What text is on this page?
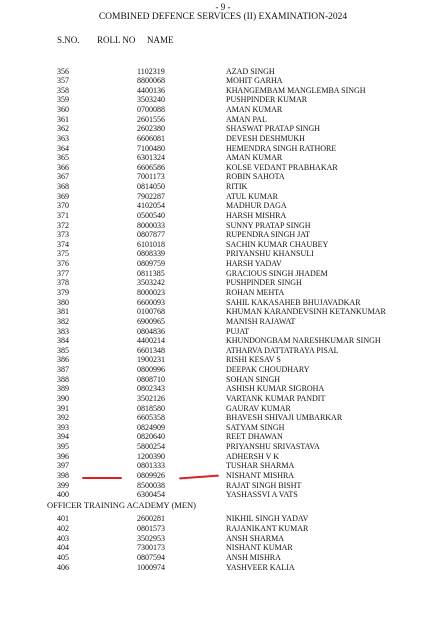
- 9 -
COMBINED DEFENCE SERVICES (II) EXAMINATION-2024
S.NO. ROLL NO NAME
356	1102319	AZAD SINGH
357	8800068	MOHIT GARHA
358	4400136	KHANGEMBAM MANGLEMBA SINGH
359	3503240	PUSHPINDER KUMAR
360	0700088	AMAN KUMAR
361	2601556	AMAN PAL
362	2602380	SHASWAT PRATAP SINGH
363	6606081	DEVESH DESHMUKH
364	7100480	HEMENDRA SINGH RATHORE
365	6301324	AMAN KUMAR
366	6606586	KOLSE VEDANT PRABHAKAR
367	7001173	ROBIN SAHOTA
368	0814050	RITIK
369	7902287	ATUL KUMAR
370	4102054	MADHUR DAGA
371	0500540	HARSH MISHRA
372	8000033	SUNNY PRATAP SINGH
373	0807877	RUPENDRA SINGH JAT
374	6101018	SACHIN KUMAR CHAUBEY
375	0808339	PRIYANSHU KHANSULI
376	0809759	HARSH YADAV
377	0811385	GRACIOUS SINGH JHADEM
378	3503242	PUSHPINDER SINGH
379	8000023	ROHAN MEHTA
380	6600093	SAHIL KAKASAHEB BHUJAVADKAR
381	0100768	KHUMAN KARANDEVSINH KETANKUMAR
382	6900965	MANISH RAJAWAT
383	0804836	PUJAT
384	4400214	KHUNDONGBAM NARESHKUMAR SINGH
385	6601348	ATHARVA DATTATRAYA PISAL
386	1900231	RISHI KESAV S
387	0800996	DEEPAK CHOUDHARY
388	0808710	SOHAN SINGH
389	0802343	ASHISH KUMAR SIGROHA
390	3502126	VARTANK KUMAR PANDIT
391	0818580	GAURAV KUMAR
392	6605358	BHAVESH SHIVAJI UMBARKAR
393	0824909	SATYAM SINGH
394	0820640	REET DHAWAN
395	5800254	PRIYANSHU SRIVASTAVA
396	1200390	ADHERSH V K
397	0801333	TUSHAR SHARMA
398	0809926	NISHANT MISHRA
399	8500038	RAJAT SINGH BISHT
400	6300454	YASHASSVI A VATS
OFFICER TRAINING ACADEMY (MEN)
401	2600281	NIKHIL SINGH YADAV
402	0801573	RAJANIKANT KUMAR
403	3502953	ANSH SHARMA
404	7300173	NISHANT KUMAR
405	0807594	ANSH MISHRA
406	1000974	YASHVEER KALIA
